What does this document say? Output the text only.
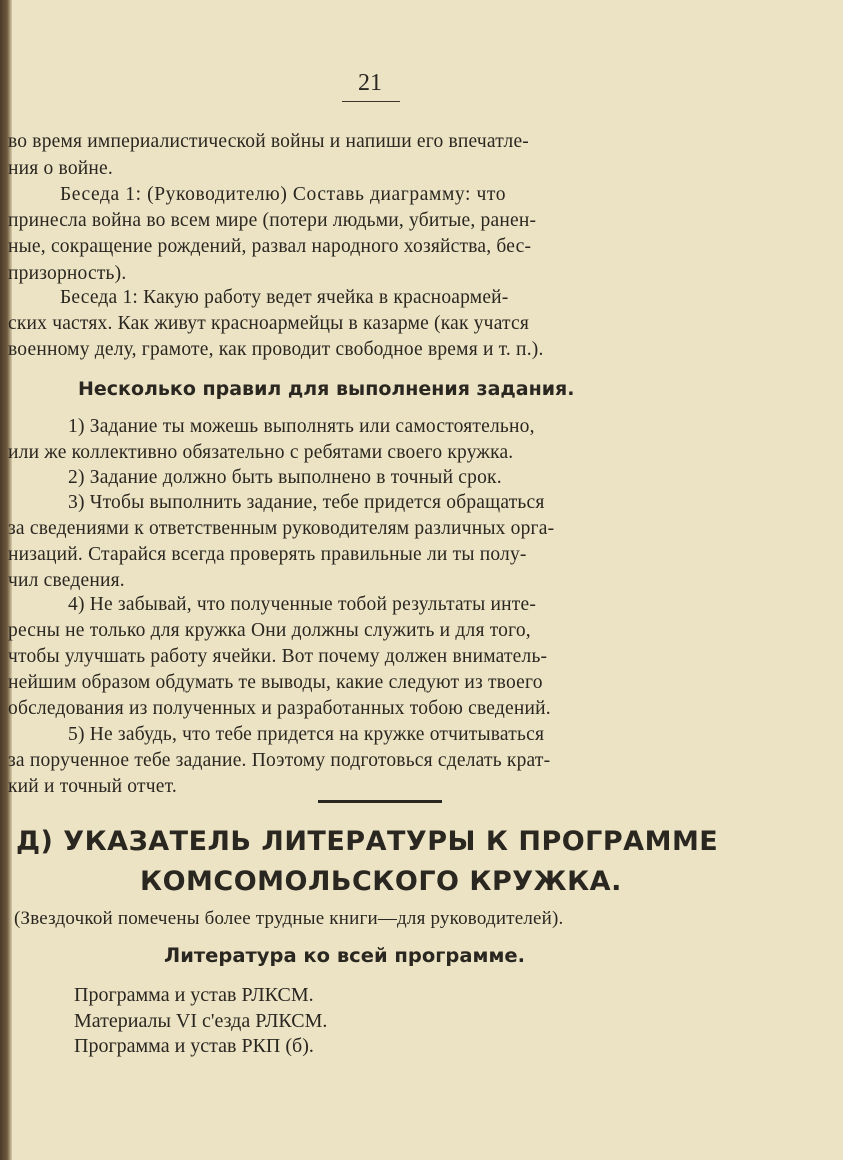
21
во время империалистической войны и напиши его впечатле-
ния о войне.
Беседа 1: (Руководителю) Составь диаграмму: что
принесла война во всем мире (потери людьми, убитые, ранен-
ные, сокращение рождений, развал народного хозяйства, бес-
призорность).
Беседа 1: Какую работу ведет ячейка в красноармей-
ских частях. Как живут красноармейцы в казарме (как учатся
военному делу, грамоте, как проводит свободное время и т. п.).
Несколько правил для выполнения задания.
1) Задание ты можешь выполнять или самостоятельно,
или же коллективно обязательно с ребятами своего кружка.
2) Задание должно быть выполнено в точный срок.
3) Чтобы выполнить задание, тебе придется обращаться
за сведениями к ответственным руководителям различных орга-
низаций. Старайся всегда проверять правильные ли ты полу-
чил сведения.
4) Не забывай, что полученные тобой результаты инте-
ресны не только для кружка Они должны служить и для того,
чтобы улучшать работу ячейки. Вот почему должен вниматель-
нейшим образом обдумать те выводы, какие следуют из твоего
обследования из полученных и разработанных тобою сведений.
5) Не забудь, что тебе придется на кружке отчитываться
за порученное тебе задание. Поэтому подготовься сделать крат-
кий и точный отчет.
Д) УКАЗАТЕЛЬ ЛИТЕРАТУРЫ К ПРОГРАММЕ
КОМСОМОЛЬСКОГО КРУЖКА.
(Звездочкой помечены более трудные книги—для руководителей).
Литература ко всей программе.
Программа и устав РЛКСМ.
Материалы VI с'езда РЛКСМ.
Программа и устав РКП (б).
